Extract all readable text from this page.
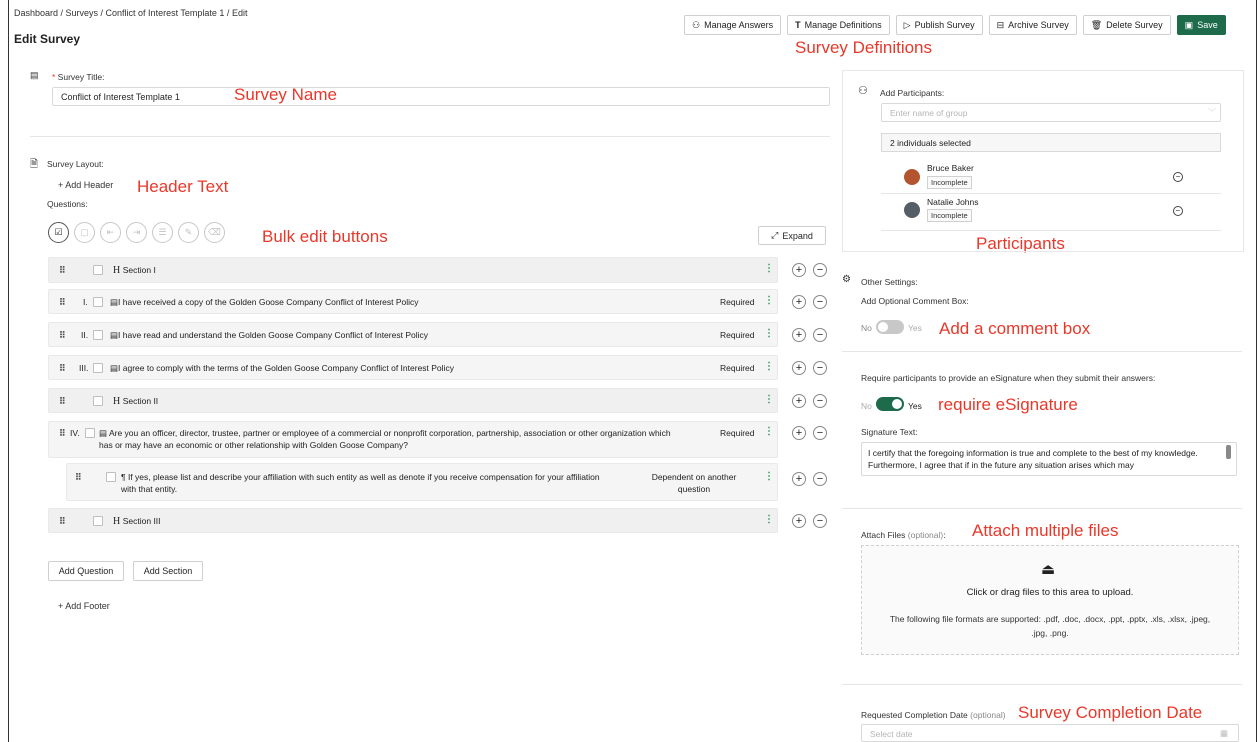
Dashboard / Surveys / Conflict of Interest Template 1 / Edit
Edit Survey
⚇ Manage Answers T Manage Definitions ▷ Publish Survey ⊟ Archive Survey 🗑 Delete Survey ▣ Save
Survey Definitions
Survey Name
Header Text
Bulk edit buttons	Participants
Add a comment box
require eSignature
Attach multiple files
Survey Completion Date
▤ * Survey Title:
Conflict of Interest Template 1
🗎 Survey Layout:
+ Add Header
Questions:
☑	▢	⇤	⇥	☰	✎	⌫	⤢ Expand
⠿	H Section I	⋮	+	−
⠿ I.	▤I have received a copy of the Golden Goose Company Conflict of Interest Policy	Required ⋮	+	−
⠿ II.	▤I have read and understand the Golden Goose Company Conflict of Interest Policy	Required ⋮	+	−
⠿ III.	▤I agree to comply with the terms of the Golden Goose Company Conflict of Interest Policy	Required ⋮	+	−
⠿	H Section II	⋮	+	−
⠿ IV. ▤ Are you an officer, director, trustee, partner or employee of a commercial or nonprofit corporation, partnership, association or other organization which
has or may have an economic or other relationship with Golden Goose Company?
Required ⋮	+	−
⠿	¶ If yes, please list and describe your affiliation with such entity as well as denote if you receive compensation for your affiliation
with that entity.
Dependent on another
question
⋮	+	−
⠿	H Section III	⋮	+	−
Add Question	Add Section
+ Add Footer
⚇ Add Participants:
Enter name of group	﹀
2 individuals selected
Bruce Baker
Incomplete
−
Natalie Johns
Incomplete
−
⚙ Other Settings:
Add Optional Comment Box:
No	Yes
Require participants to provide an eSignature when they submit their answers:
No	Yes
Signature Text:
I certify that the foregoing information is true and complete to the best of my knowledge. Furthermore, I agree that if in the future any situation arises which may
Attach Files (optional):
⏏
Click or drag files to this area to upload.
The following file formats are supported: .pdf, .doc, .docx, .ppt, .pptx, .xls, .xlsx, .jpeg,
.jpg, .png.
Requested Completion Date (optional)
Select date	▦
